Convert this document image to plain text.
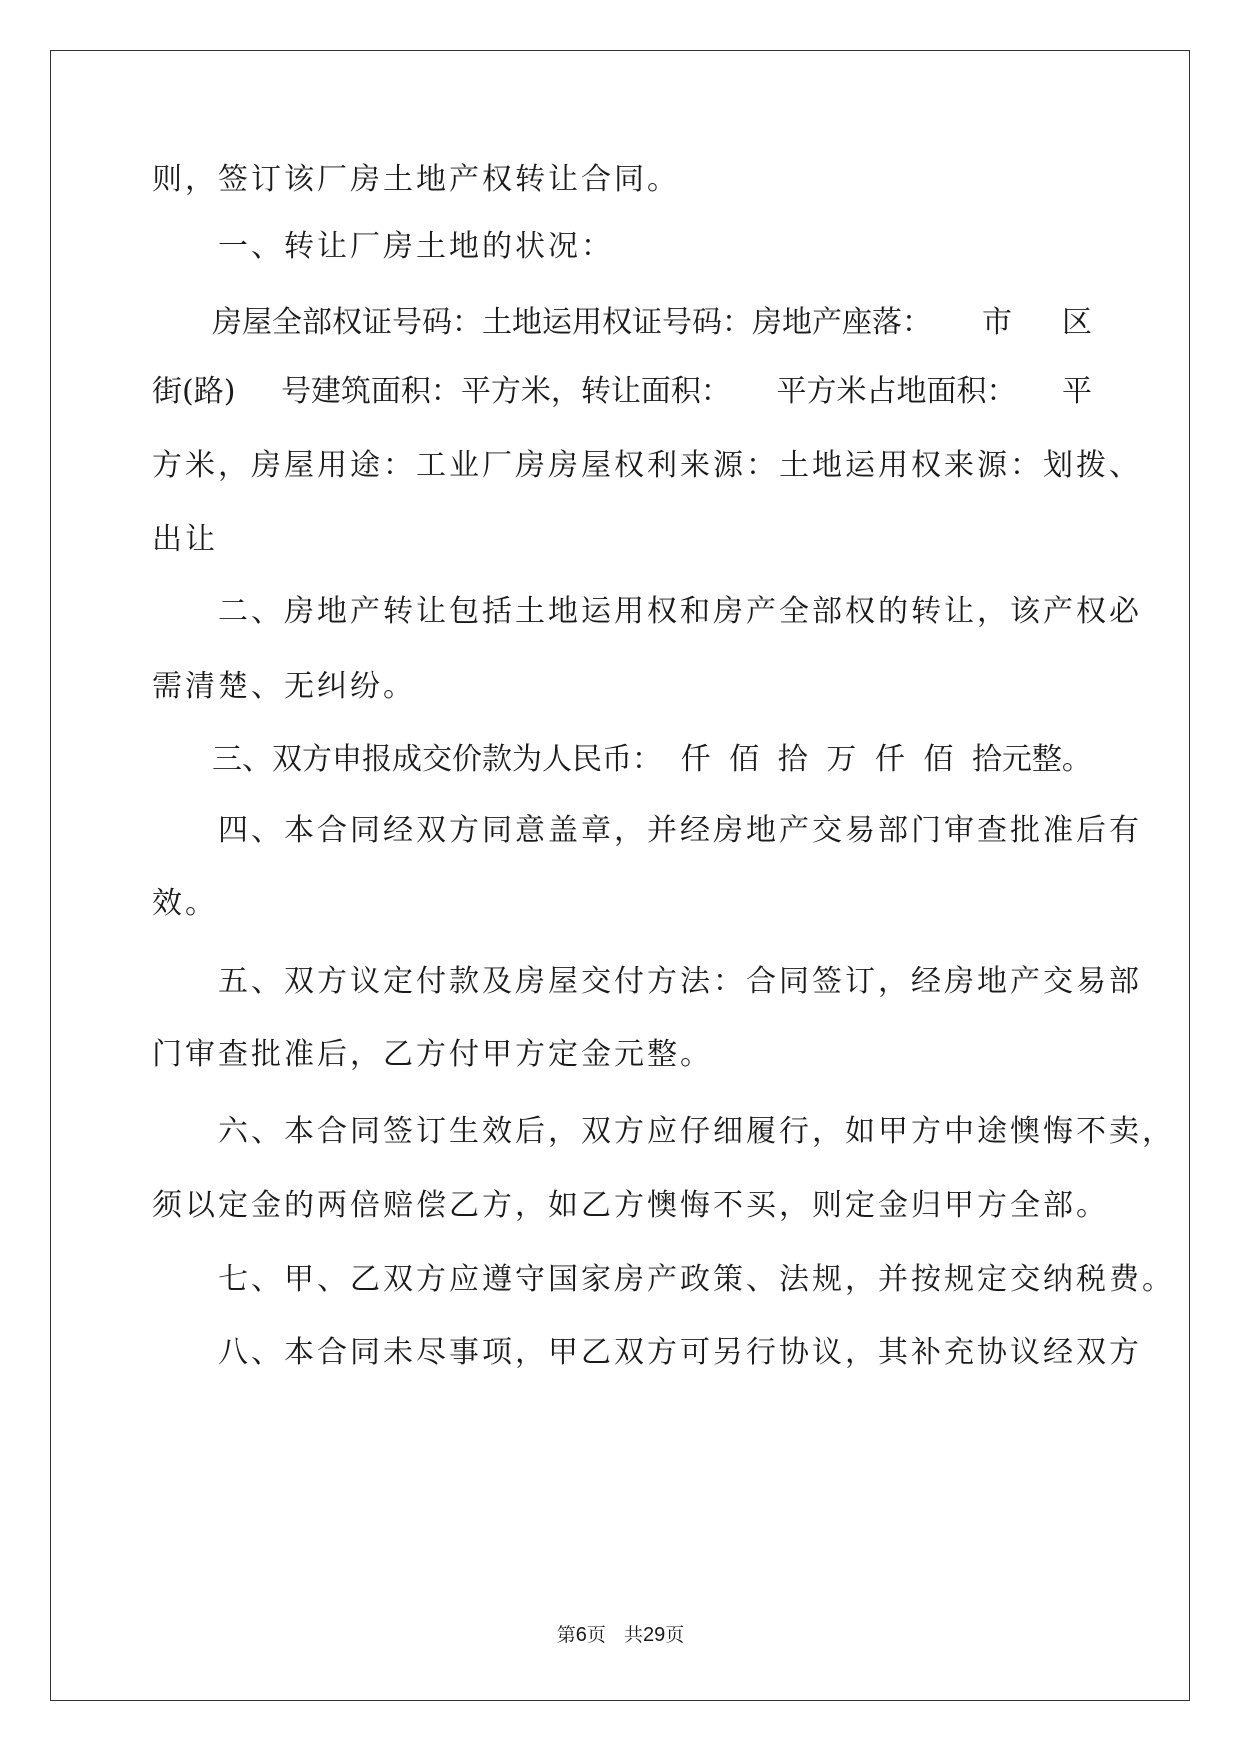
则，签订该厂房土地产权转让合同。
　　一、转让厂房土地的状况：
　　房屋全部权证号码：土地运用权证号码：房地产座落： 市 区
街(路) 号建筑面积：平方米，转让面积： 平方米占地面积： 平
方米，房屋用途：工业厂房房屋权利来源：土地运用权来源：划拨、
出让
　　二、房地产转让包括土地运用权和房产全部权的转让，该产权必
需清楚、无纠纷。
　　三、双方申报成交价款为人民币： 仟 佰 拾 万 仟 佰 拾元整。
　　四、本合同经双方同意盖章，并经房地产交易部门审查批准后有
效。
　　五、双方议定付款及房屋交付方法：合同签订，经房地产交易部
门审查批准后，乙方付甲方定金元整。
　　六、本合同签订生效后，双方应仔细履行，如甲方中途懊悔不卖，
须以定金的两倍赔偿乙方，如乙方懊悔不买，则定金归甲方全部。
　　七、甲、乙双方应遵守国家房产政策、法规，并按规定交纳税费。
　　八、本合同未尽事项，甲乙双方可另行协议，其补充协议经双方
第6页 共29页
